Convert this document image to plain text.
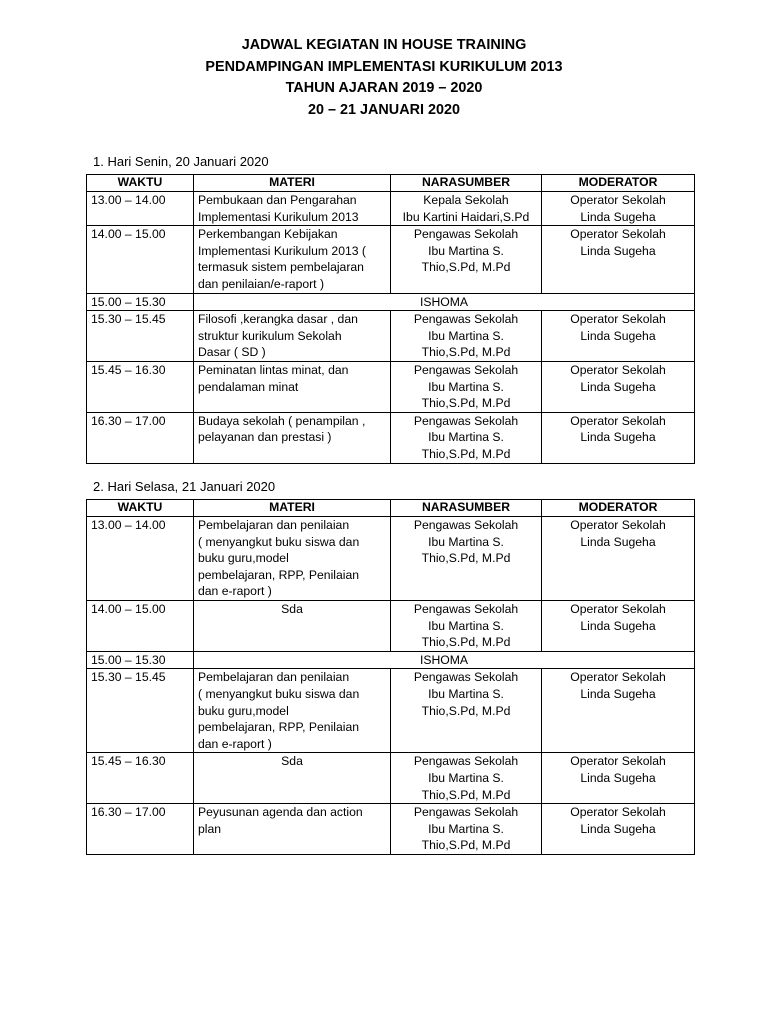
JADWAL KEGIATAN IN HOUSE TRAINING
PENDAMPINGAN IMPLEMENTASI KURIKULUM 2013
TAHUN AJARAN 2019 – 2020
20 – 21 JANUARI 2020
1. Hari Senin, 20 Januari 2020
WAKTU	MATERI	NARASUMBER	MODERATOR
13.00 – 14.00	Pembukaan dan Pengarahan
Implementasi Kurikulum 2013	Kepala Sekolah
Ibu Kartini Haidari,S.Pd	Operator Sekolah
Linda Sugeha

14.00 – 15.00	Perkembangan Kebijakan
Implementasi Kurikulum 2013 (
termasuk sistem pembelajaran
dan penilaian/e-raport )	Pengawas Sekolah
Ibu Martina S.
Thio,S.Pd, M.Pd	Operator Sekolah
Linda Sugeha

15.00 – 15.30	ISHOMA		
15.30 – 15.45	Filosofi ,kerangka dasar , dan
struktur kurikulum Sekolah
Dasar ( SD )	Pengawas Sekolah
Ibu Martina S.
Thio,S.Pd, M.Pd	Operator Sekolah
Linda Sugeha

15.45 – 16.30	Peminatan lintas minat, dan
pendalaman minat	Pengawas Sekolah
Ibu Martina S.
Thio,S.Pd, M.Pd	Operator Sekolah
Linda Sugeha

16.30 – 17.00	Budaya sekolah ( penampilan ,
pelayanan dan prestasi )	Pengawas Sekolah
Ibu Martina S.
Thio,S.Pd, M.Pd	Operator Sekolah
Linda Sugeha
2. Hari Selasa, 21 Januari 2020
WAKTU	MATERI	NARASUMBER	MODERATOR
13.00 – 14.00	Pembelajaran dan penilaian
( menyangkut buku siswa dan
buku guru,model
pembelajaran, RPP, Penilaian
dan e-raport )	Pengawas Sekolah
Ibu Martina S.
Thio,S.Pd, M.Pd	Operator Sekolah
Linda Sugeha

14.00 – 15.00	Sda	Pengawas Sekolah
Ibu Martina S.
Thio,S.Pd, M.Pd	Operator Sekolah
Linda Sugeha

15.00 – 15.30	ISHOMA		
15.30 – 15.45	Pembelajaran dan penilaian
( menyangkut buku siswa dan
buku guru,model
pembelajaran, RPP, Penilaian
dan e-raport )	Pengawas Sekolah
Ibu Martina S.
Thio,S.Pd, M.Pd	Operator Sekolah
Linda Sugeha

15.45 – 16.30	Sda	Pengawas Sekolah
Ibu Martina S.
Thio,S.Pd, M.Pd	Operator Sekolah
Linda Sugeha

16.30 – 17.00	Peyusunan agenda dan action
plan	Pengawas Sekolah
Ibu Martina S.
Thio,S.Pd, M.Pd	Operator Sekolah
Linda Sugeha
